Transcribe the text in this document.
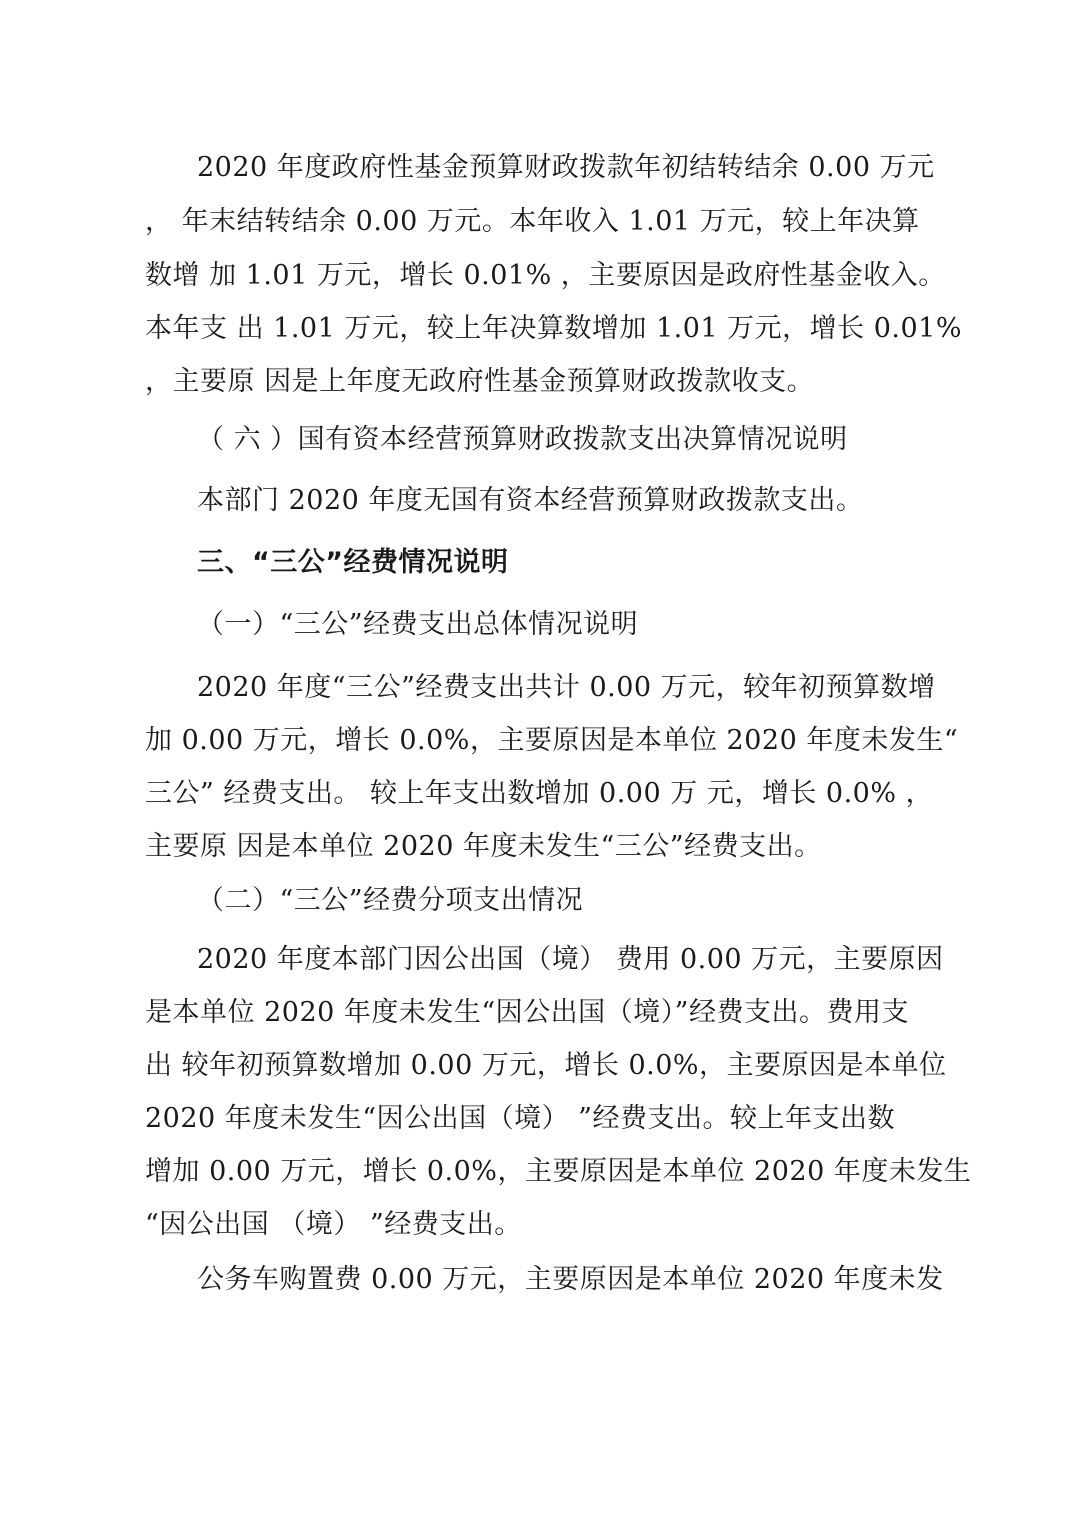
2020 年度政府性基金预算财政拨款年初结转结余 0.00 万元
， 年末结转结余 0.00 万元。本年收入 1.01 万元，较上年决算
数增 加 1.01 万元，增长 0.01% ，主要原因是政府性基金收入。
本年支 出 1.01 万元，较上年决算数增加 1.01 万元，增长 0.01%
，主要原 因是上年度无政府性基金预算财政拨款收支。
（ 六 ）国有资本经营预算财政拨款支出决算情况说明
本部门 2020 年度无国有资本经营预算财政拨款支出。
三、“三公”经费情况说明
（一）“三公”经费支出总体情况说明
2020 年度“三公”经费支出共计 0.00 万元，较年初预算数增
加 0.00 万元，增长 0.0%，主要原因是本单位 2020 年度未发生“
三公” 经费支出。 较上年支出数增加 0.00 万 元，增长 0.0% ，
主要原 因是本单位 2020 年度未发生“三公”经费支出。
（二）“三公”经费分项支出情况
2020 年度本部门因公出国（境） 费用 0.00 万元，主要原因
是本单位 2020 年度未发生“因公出国（境）”经费支出。费用支
出 较年初预算数增加 0.00 万元，增长 0.0%，主要原因是本单位
2020 年度未发生“因公出国（境） ”经费支出。较上年支出数
增加 0.00 万元，增长 0.0%，主要原因是本单位 2020 年度未发生
“因公出国 （境） ”经费支出。
公务车购置费 0.00 万元，主要原因是本单位 2020 年度未发
